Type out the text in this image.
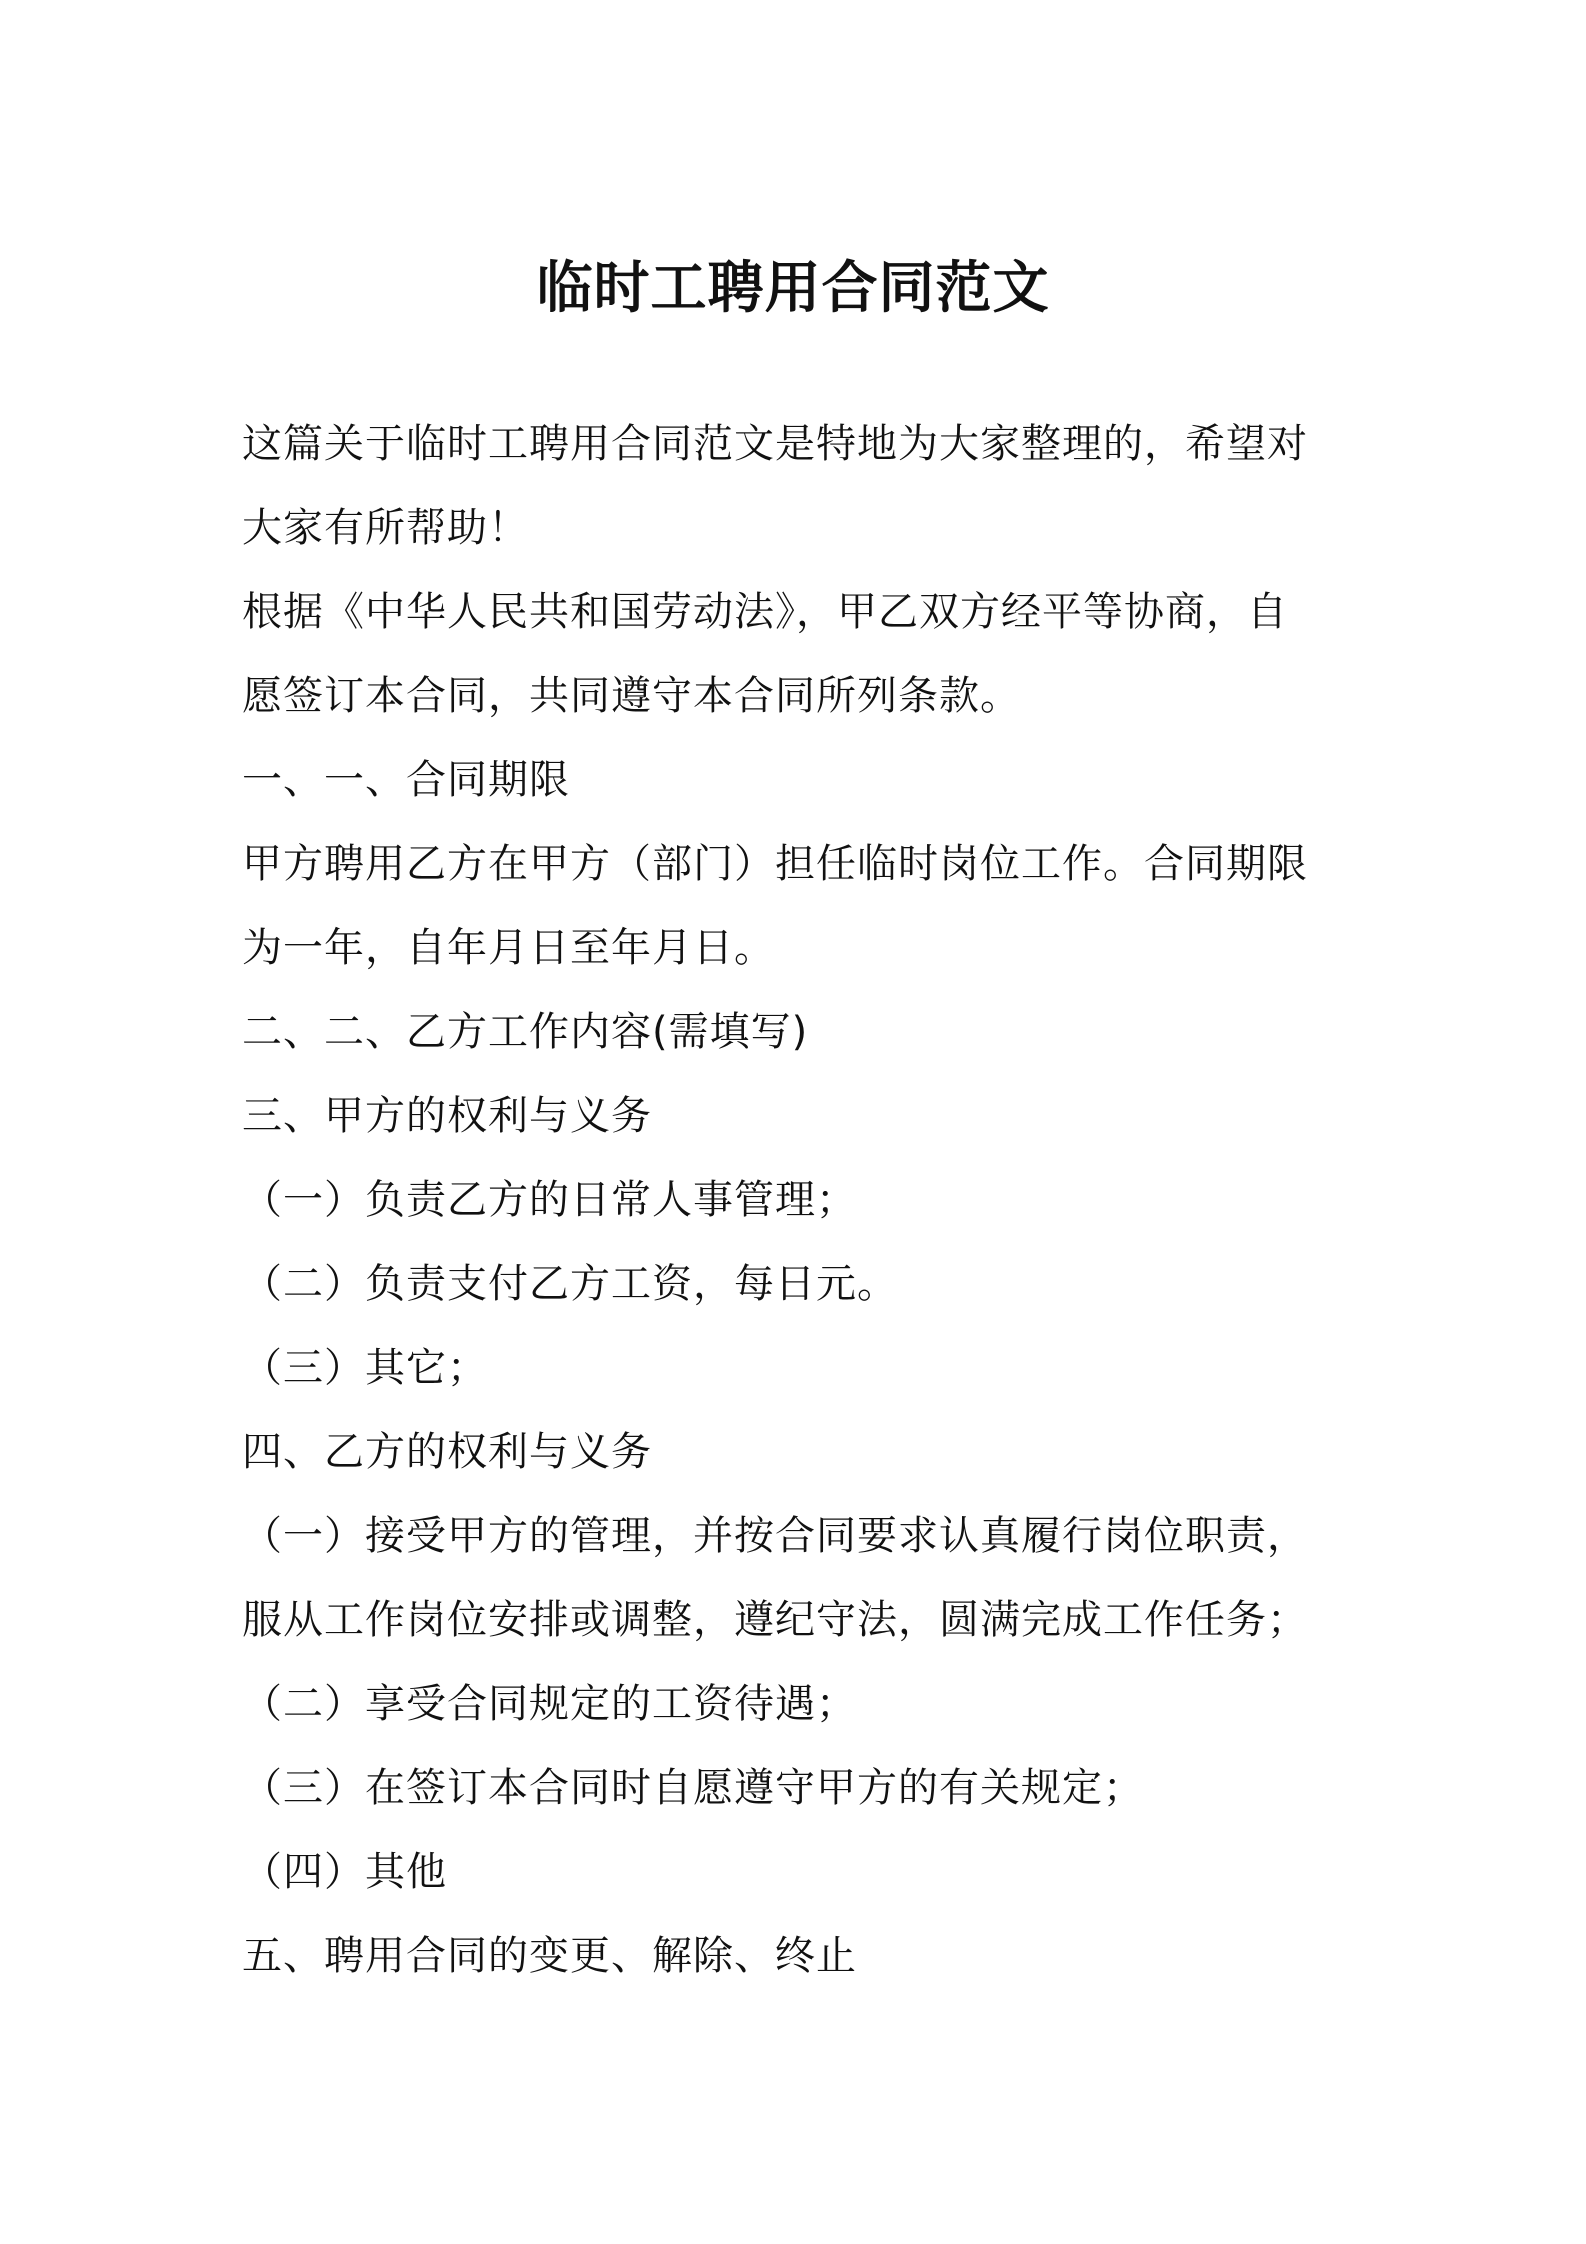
临时工聘用合同范文
这篇关于临时工聘用合同范文是特地为大家整理的，希望对
大家有所帮助！
根据《中华人民共和国劳动法》，甲乙双方经平等协商，自
愿签订本合同，共同遵守本合同所列条款。
一、一、合同期限
甲方聘用乙方在甲方（部门）担任临时岗位工作。合同期限
为一年，自年月日至年月日。
二、二、乙方工作内容(需填写)
三、甲方的权利与义务
（一）负责乙方的日常人事管理；
（二）负责支付乙方工资，每日元。
（三）其它；
四、乙方的权利与义务
（一）接受甲方的管理，并按合同要求认真履行岗位职责，
服从工作岗位安排或调整，遵纪守法，圆满完成工作任务；
（二）享受合同规定的工资待遇；
（三）在签订本合同时自愿遵守甲方的有关规定；
（四）其他
五、聘用合同的变更、解除、终止
